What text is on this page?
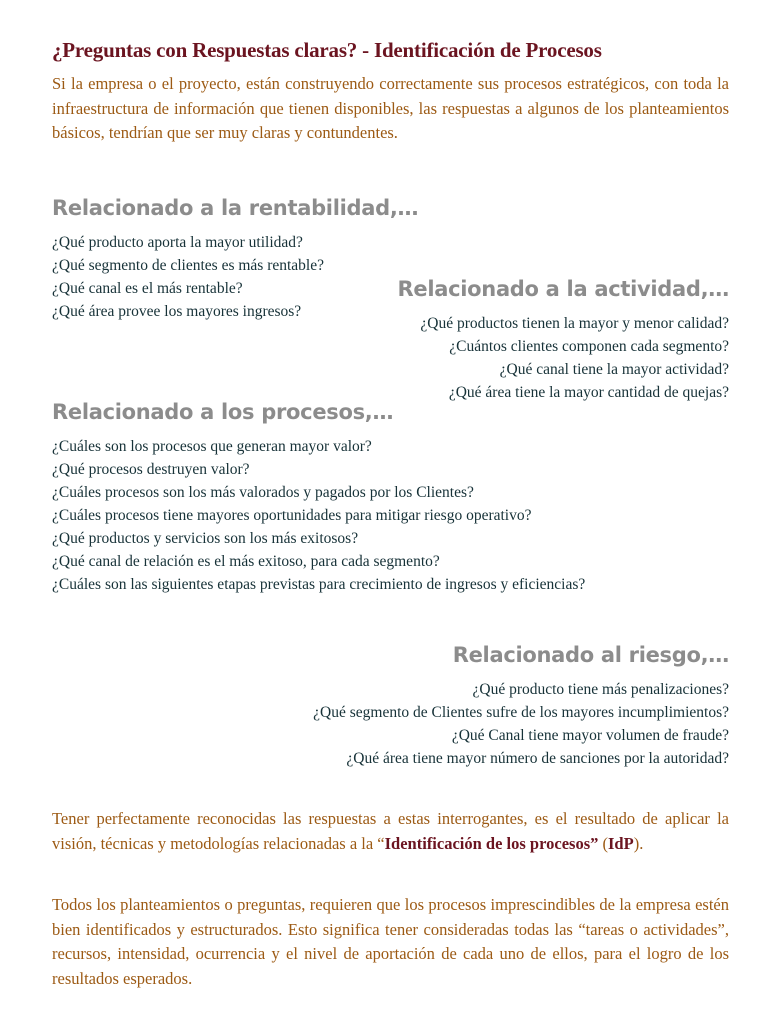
¿Preguntas con Respuestas claras? - Identificación de Procesos

Si la empresa o el proyecto, están construyendo correctamente sus procesos estratégicos, con toda la infraestructura de información que tienen disponibles, las respuestas a algunos de los planteamientos básicos, tendrían que ser muy claras y contundentes.

Relacionado a la rentabilidad,…
¿Qué producto aporta la mayor utilidad?
¿Qué segmento de clientes es más rentable?
¿Qué canal es el más rentable?
¿Qué área provee los mayores ingresos?
Relacionado a la actividad,…
¿Qué productos tienen la mayor y menor calidad?
¿Cuántos clientes componen cada segmento?
¿Qué canal tiene la mayor actividad?
¿Qué área tiene la mayor cantidad de quejas?
Relacionado a los procesos,…
¿Cuáles son los procesos que generan mayor valor?
¿Qué procesos destruyen valor?
¿Cuáles procesos son los más valorados y pagados por los Clientes?
¿Cuáles procesos tiene mayores oportunidades para mitigar riesgo operativo?
¿Qué productos y servicios son los más exitosos?
¿Qué canal de relación es el más exitoso, para cada segmento?
¿Cuáles son las siguientes etapas previstas para crecimiento de ingresos y eficiencias?
Relacionado al riesgo,…
¿Qué producto tiene más penalizaciones?
¿Qué segmento de Clientes sufre de los mayores incumplimientos?
¿Qué Canal tiene mayor volumen de fraude?
¿Qué área tiene mayor número de sanciones por la autoridad?

Tener perfectamente reconocidas las respuestas a estas interrogantes, es el resultado de aplicar la visión, técnicas y metodologías relacionadas a la “Identificación de los procesos” (IdP).

Todos los planteamientos o preguntas, requieren que los procesos imprescindibles de la empresa estén bien identificados y estructurados. Esto significa tener consideradas todas las “tareas o actividades”, recursos, intensidad, ocurrencia y el nivel de aportación de cada uno de ellos, para el logro de los resultados esperados.
